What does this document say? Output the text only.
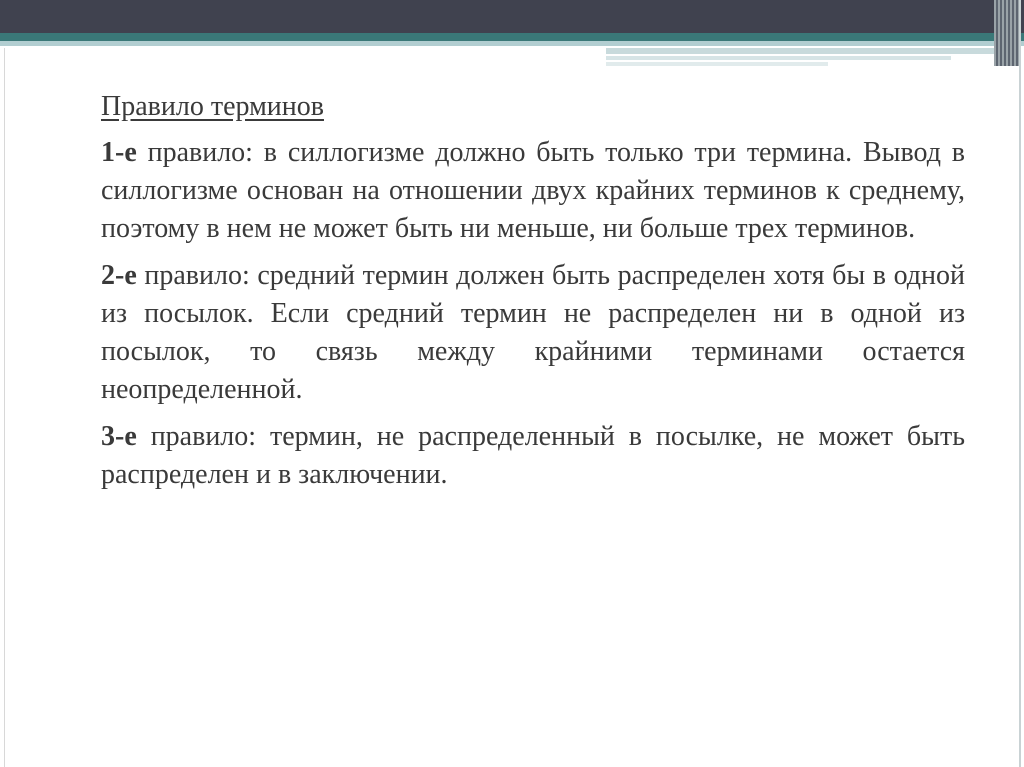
Правило терминов

1-е правило: в силлогизме должно быть только три термина. Вывод в силлогизме основан на отношении двух крайних терминов к среднему, поэтому в нем не может быть ни меньше, ни больше трех терминов.

2-е правило: средний термин должен быть распределен хотя бы в одной из посылок. Если средний термин не распределен ни в одной из посылок, то связь между крайними терминами остается неопределенной.

3-е правило: термин, не распределенный в посылке, не может быть распределен и в заключении.
